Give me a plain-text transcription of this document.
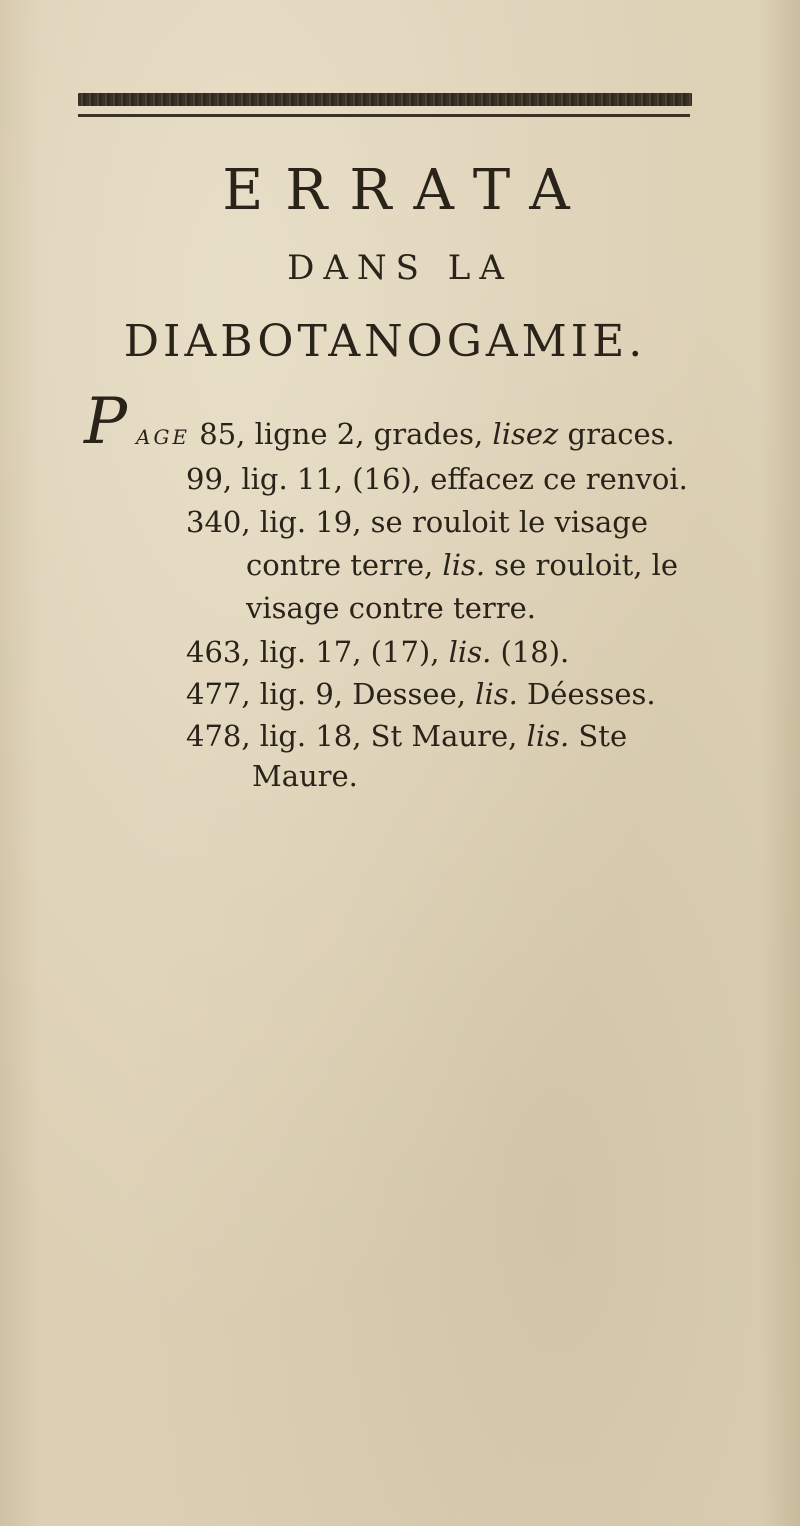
ERRATA
DANS LA
DIABOTANOGAMIE.
P AGE 85, ligne 2, grades, lisez graces.
99, lig. 11, (16), effacez ce renvoi.
340, lig. 19, se rouloit le visage
contre terre, lis. se rouloit, le
visage contre terre.
463, lig. 17, (17), lis. (18).
477, lig. 9, Dessee, lis. Déesses.
478, lig. 18, St Maure, lis. Ste
Maure.
